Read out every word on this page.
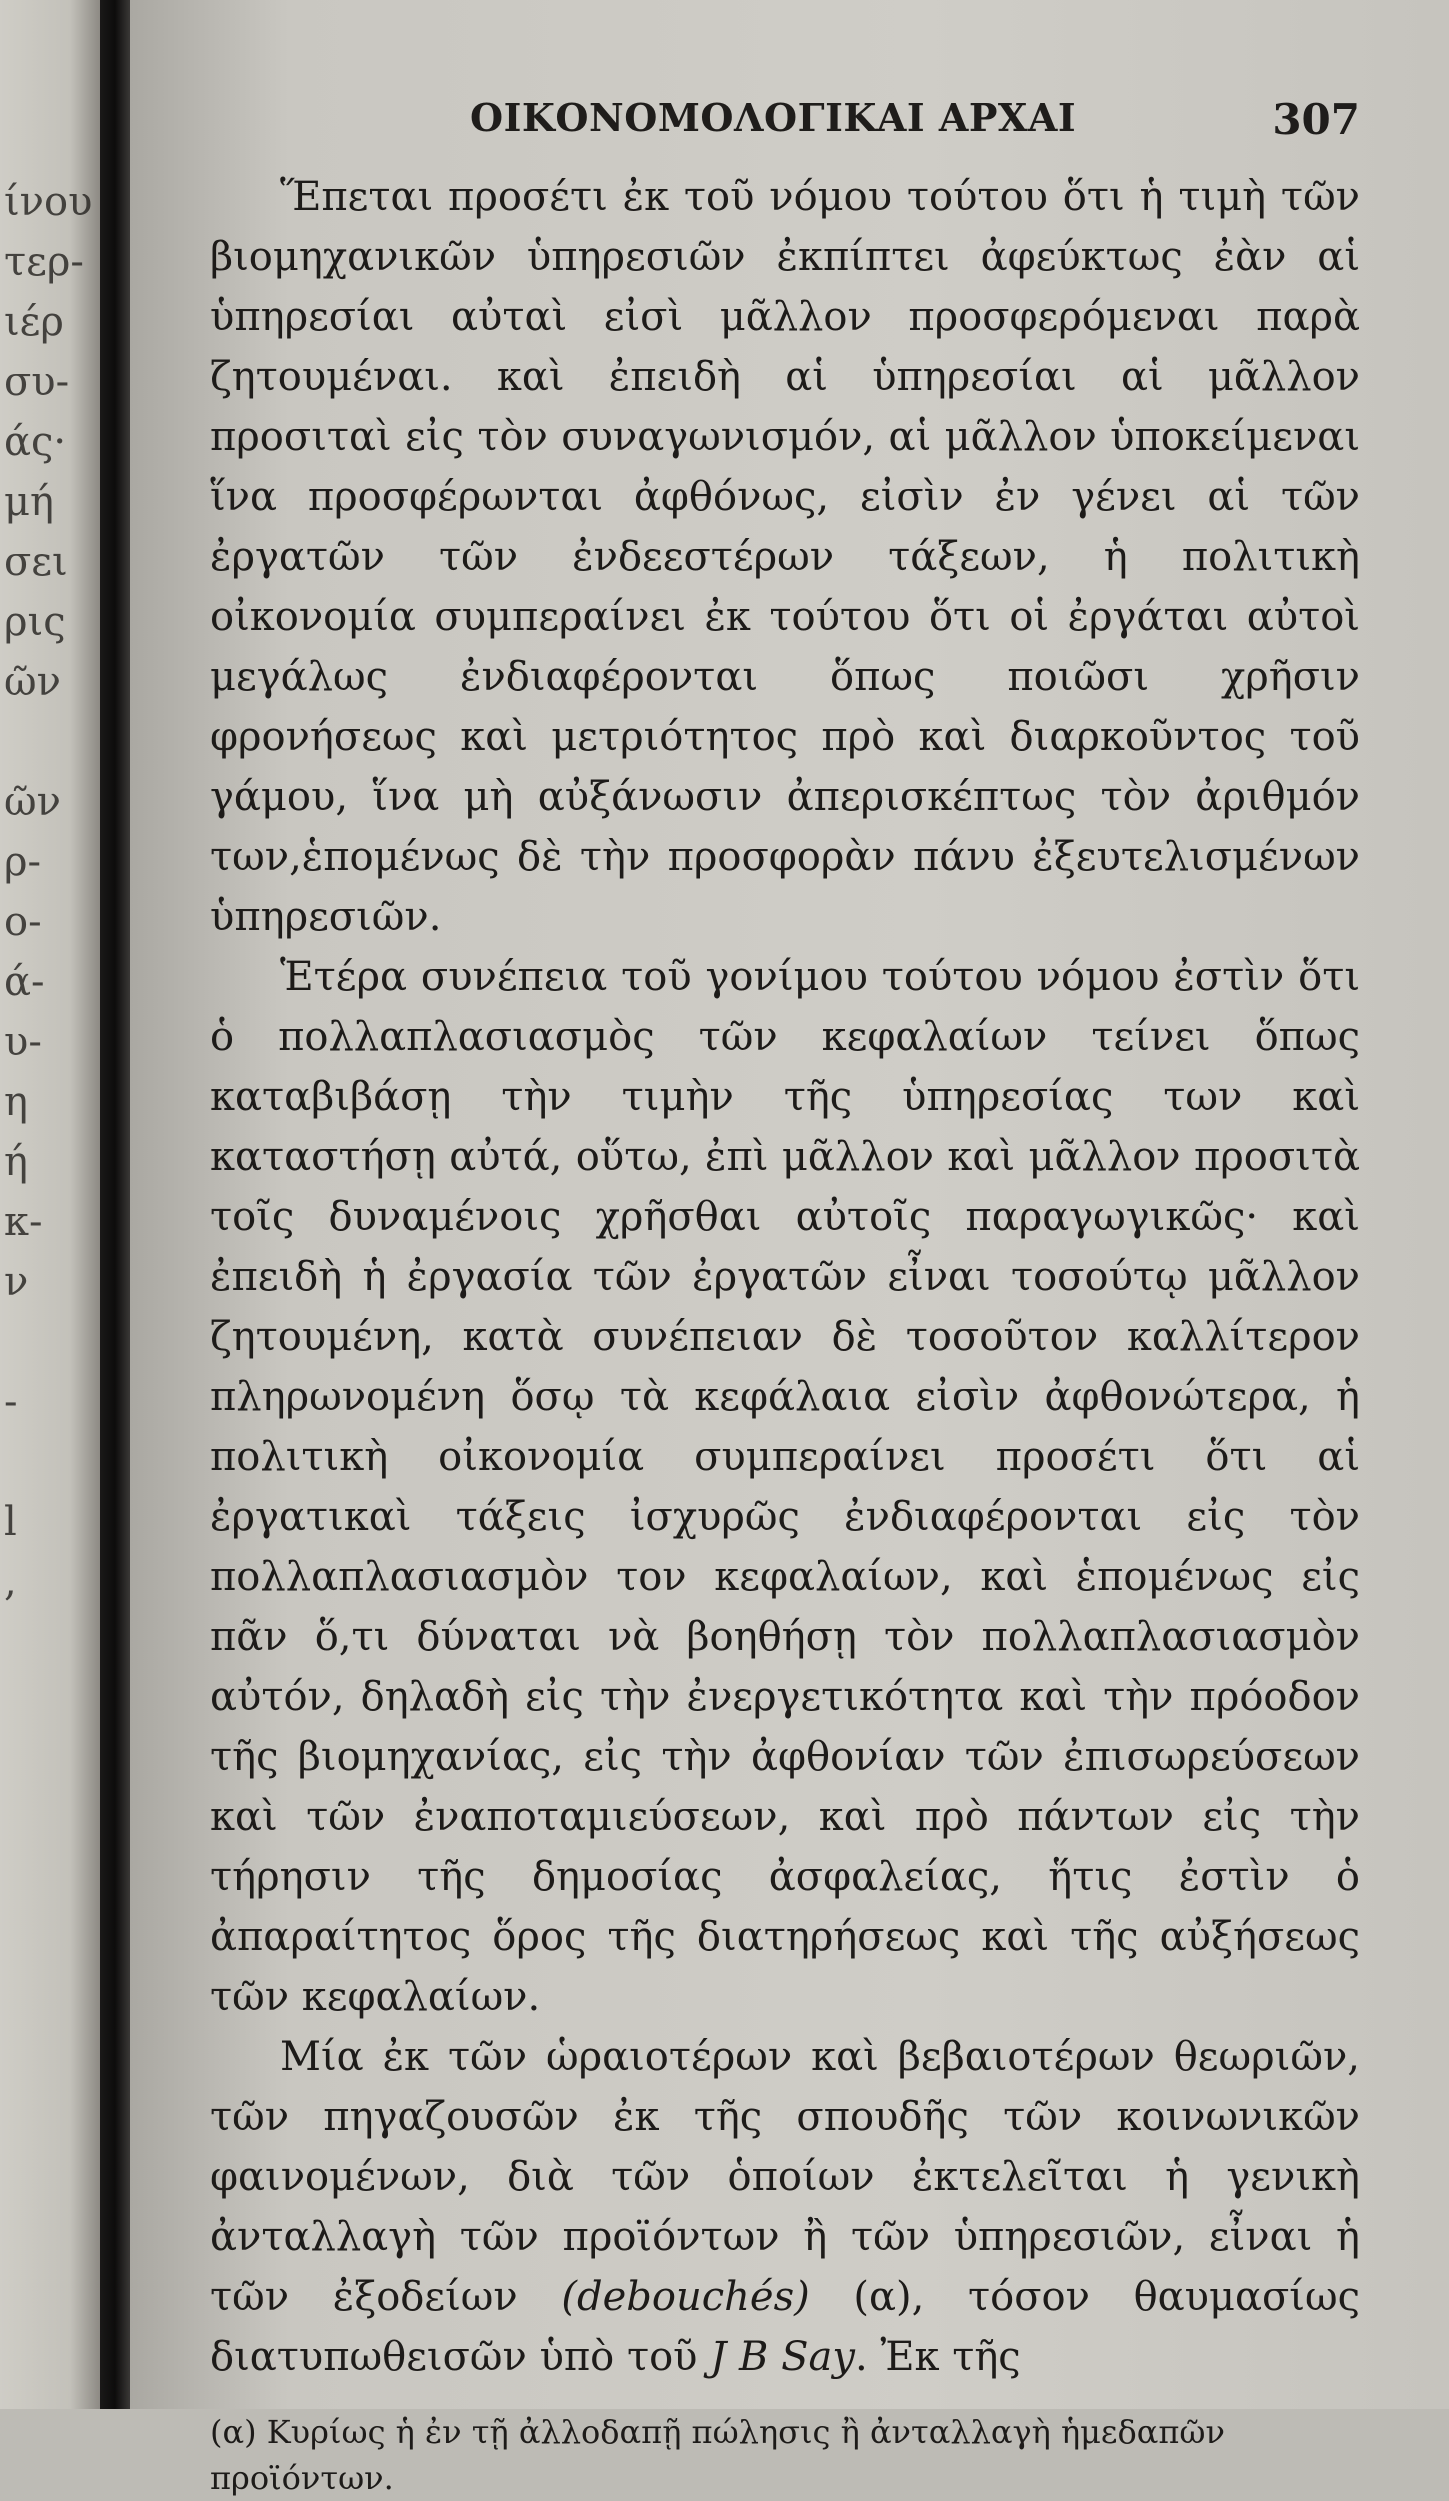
ίνου
τερ-
ιέρ
συ-
άς·
μή
σει
ρις
ῶν
ῶν
ρ-
ο-
ά-
υ-
η
ή
κ-
ν
-
l
,
ΟΙΚΟΝΟΜΟΛΟΓΙΚΑΙ ΑΡΧΑΙ	307

Ἕπεται προσέτι ἐκ τοῦ νόμου τούτου ὅτι ἡ τιμὴ τῶν βιομηχανικῶν ὑπηρεσιῶν ἐκπίπτει ἀφεύκτως ἐὰν αἱ ὑπηρεσίαι αὐταὶ εἰσὶ μᾶλλον προσφερόμεναι παρὰ ζητουμέναι. καὶ ἐπειδὴ αἱ ὑπηρεσίαι αἱ μᾶλλον προσιταὶ εἰς τὸν συναγωνισμόν, αἱ μᾶλλον ὑποκείμεναι ἵνα προσφέρωνται ἀφθόνως, εἰσὶν ἐν γένει αἱ τῶν ἐργατῶν τῶν ἐνδεεστέρων τάξεων, ἡ πολιτικὴ οἰκονομία συμπεραίνει ἐκ τούτου ὅτι οἱ ἐργάται αὐτοὶ μεγάλως ἐνδιαφέρονται ὅπως ποιῶσι χρῆσιν φρονήσεως καὶ μετριότητος πρὸ καὶ διαρκοῦντος τοῦ γάμου, ἵνα μὴ αὐξάνωσιν ἀπερισκέπτως τὸν ἀριθμόν των,ἑπομένως δὲ τὴν προσφορὰν πάνυ ἐξευτελισμένων ὑπηρεσιῶν.

Ἑτέρα συνέπεια τοῦ γονίμου τούτου νόμου ἐστὶν ὅτι ὁ πολλαπλασιασμὸς τῶν κεφαλαίων τείνει ὅπως καταβιβάσῃ τὴν τιμὴν τῆς ὑπηρεσίας των καὶ καταστήσῃ αὐτά, οὕτω, ἐπὶ μᾶλλον καὶ μᾶλλον προσιτὰ τοῖς δυναμένοις χρῆσθαι αὐτοῖς παραγωγικῶς· καὶ ἐπειδὴ ἡ ἐργασία τῶν ἐργατῶν εἶναι τοσούτῳ μᾶλλον ζητουμένη, κατὰ συνέπειαν δὲ τοσοῦτον καλλίτερον πληρωνομένη ὅσῳ τὰ κεφάλαια εἰσὶν ἀφθονώτερα, ἡ πολιτικὴ οἰκονομία συμπεραίνει προσέτι ὅτι αἱ ἐργατικαὶ τάξεις ἰσχυρῶς ἐνδιαφέρονται εἰς τὸν πολλαπλασιασμὸν τον κεφαλαίων, καὶ ἑπομένως εἰς πᾶν ὅ,τι δύναται νὰ βοηθήσῃ τὸν πολλαπλασιασμὸν αὐτόν, δηλαδὴ εἰς τὴν ἐνεργετικότητα καὶ τὴν πρόοδον τῆς βιομηχανίας, εἰς τὴν ἀφθονίαν τῶν ἐπισωρεύσεων καὶ τῶν ἐναποταμιεύσεων, καὶ πρὸ πάντων εἰς τὴν τήρησιν τῆς δημοσίας ἀσφαλείας, ἥτις ἐστὶν ὁ ἀπαραίτητος ὅρος τῆς διατηρήσεως καὶ τῆς αὐξήσεως τῶν κεφαλαίων.

Μία ἐκ τῶν ὡραιοτέρων καὶ βεβαιοτέρων θεωριῶν, τῶν πηγαζουσῶν ἐκ τῆς σπουδῆς τῶν κοινωνικῶν φαινομένων, διὰ τῶν ὁποίων ἐκτελεῖται ἡ γενικὴ ἀνταλλαγὴ τῶν προϊόντων ἢ τῶν ὑπηρεσιῶν, εἶναι ἡ τῶν ἐξοδείων (debouchés) (α), τόσον θαυμασίως διατυπωθεισῶν ὑπὸ τοῦ J B Say. Ἐκ τῆς

(α) Κυρίως ἡ ἐν τῇ ἀλλοδαπῇ πώλησις ἢ ἀνταλλαγὴ ἡμεδαπῶν προϊόντων.
